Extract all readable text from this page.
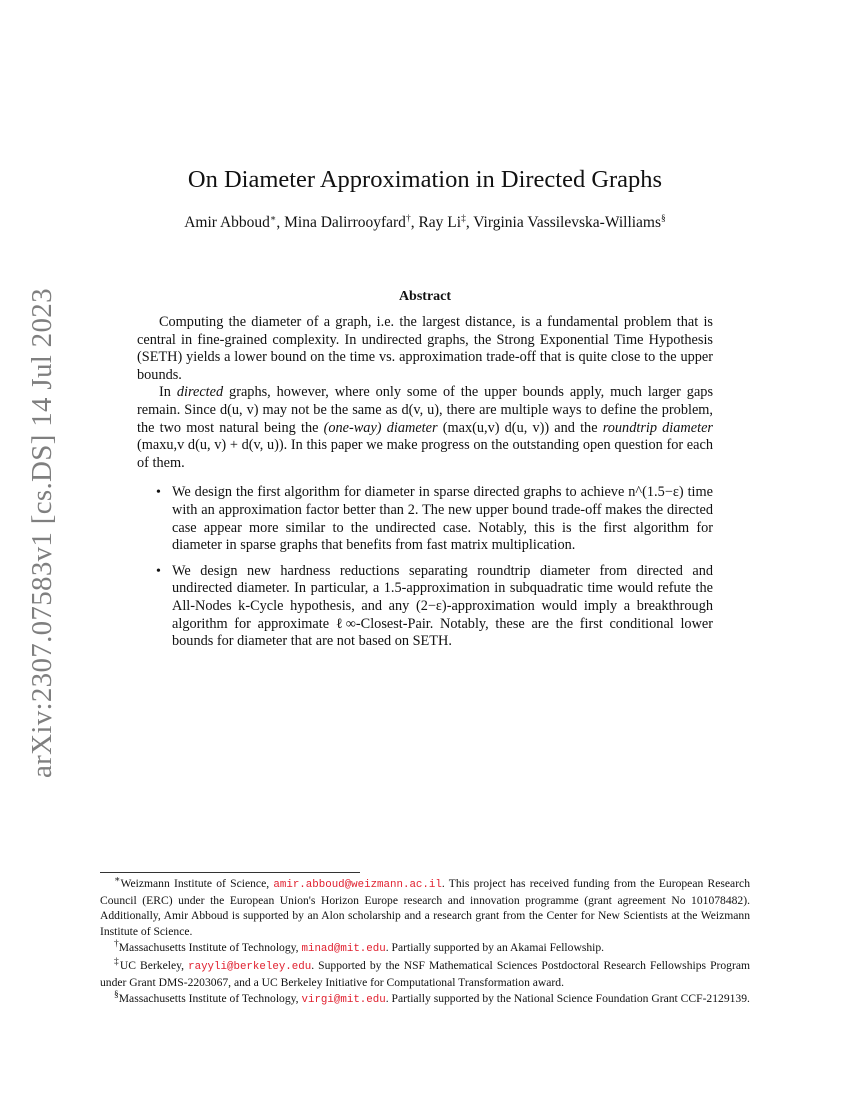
arXiv:2307.07583v1 [cs.DS] 14 Jul 2023
On Diameter Approximation in Directed Graphs
Amir Abboud∗, Mina Dalirrooyfard†, Ray Li‡, Virginia Vassilevska-Williams§
Abstract

Computing the diameter of a graph, i.e. the largest distance, is a fundamental problem that is central in fine-grained complexity. In undirected graphs, the Strong Exponential Time Hypothesis (SETH) yields a lower bound on the time vs. approximation trade-off that is quite close to the upper bounds.

In directed graphs, however, where only some of the upper bounds apply, much larger gaps remain. Since d(u, v) may not be the same as d(v, u), there are multiple ways to define the problem, the two most natural being the (one-way) diameter (max(u,v) d(u, v)) and the roundtrip diameter (maxu,v d(u, v) + d(v, u)). In this paper we make progress on the outstanding open question for each of them.

• We design the first algorithm for diameter in sparse directed graphs to achieve n^(1.5−ε) time with an approximation factor better than 2. The new upper bound trade-off makes the directed case appear more similar to the undirected case. Notably, this is the first algorithm for diameter in sparse graphs that benefits from fast matrix multiplication.
• We design new hardness reductions separating roundtrip diameter from directed and undirected diameter. In particular, a 1.5-approximation in subquadratic time would refute the All-Nodes k-Cycle hypothesis, and any (2−ε)-approximation would imply a breakthrough algorithm for approximate ℓ∞-Closest-Pair. Notably, these are the first conditional lower bounds for diameter that are not based on SETH.

∗Weizmann Institute of Science, amir.abboud@weizmann.ac.il. This project has received funding from the European Research Council (ERC) under the European Union's Horizon Europe research and innovation programme (grant agreement No 101078482). Additionally, Amir Abboud is supported by an Alon scholarship and a research grant from the Center for New Scientists at the Weizmann Institute of Science.

†Massachusetts Institute of Technology, minad@mit.edu. Partially supported by an Akamai Fellowship.

‡UC Berkeley, rayyli@berkeley.edu. Supported by the NSF Mathematical Sciences Postdoctoral Research Fellowships Program under Grant DMS-2203067, and a UC Berkeley Initiative for Computational Transformation award.

§Massachusetts Institute of Technology, virgi@mit.edu. Partially supported by the National Science Foundation Grant CCF-2129139.
